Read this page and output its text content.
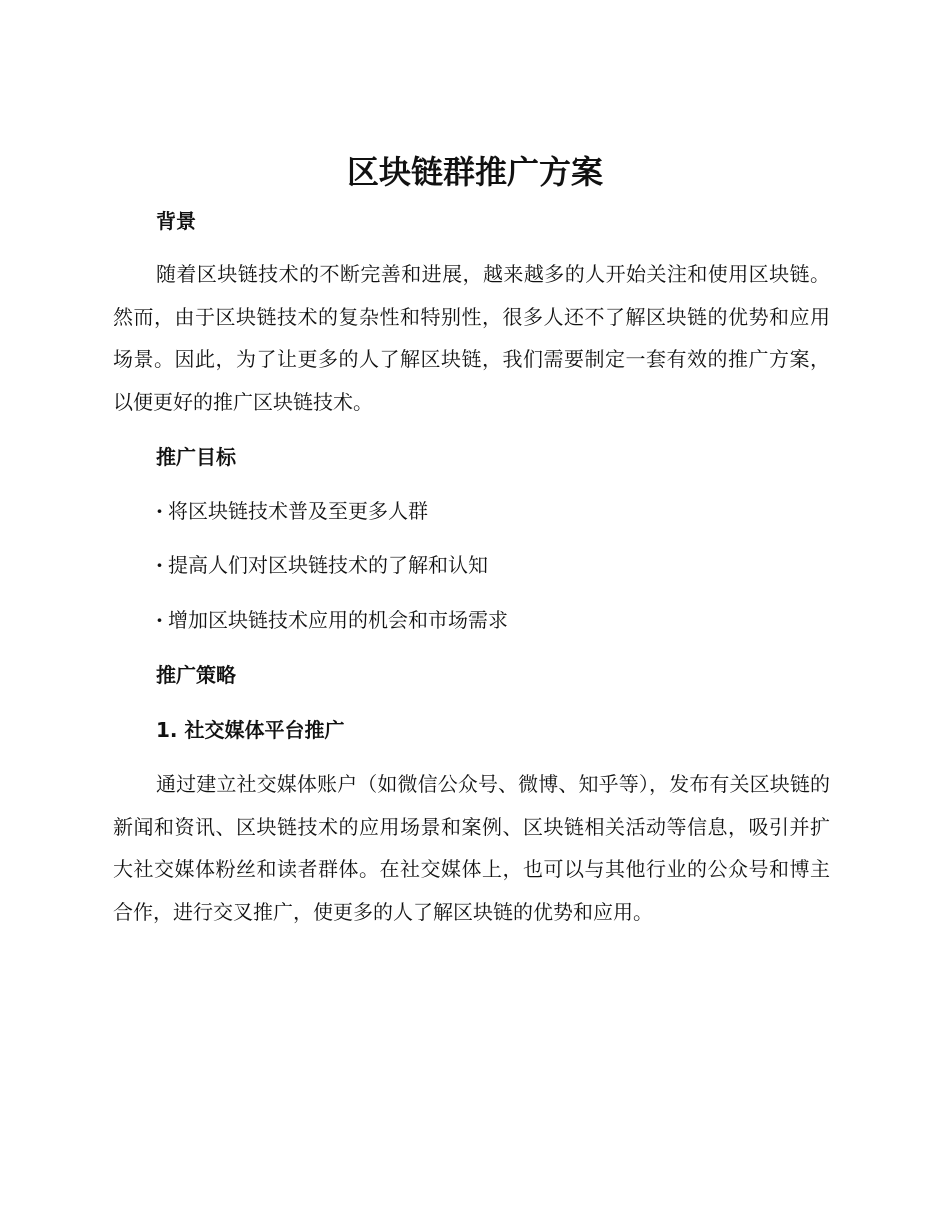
区块链群推广方案
背景

随着区块链技术的不断完善和进展，越来越多的人开始关注和使用区块链。然而，由于区块链技术的复杂性和特别性，很多人还不了解区块链的优势和应用场景。因此，为了让更多的人了解区块链，我们需要制定一套有效的推广方案，以便更好的推广区块链技术。

推广目标

· 将区块链技术普及至更多人群

· 提高人们对区块链技术的了解和认知

· 增加区块链技术应用的机会和市场需求

推广策略
1. 社交媒体平台推广

通过建立社交媒体账户（如微信公众号、微博、知乎等），发布有关区块链的新闻和资讯、区块链技术的应用场景和案例、区块链相关活动等信息，吸引并扩大社交媒体粉丝和读者群体。在社交媒体上，也可以与其他行业的公众号和博主合作，进行交叉推广，使更多的人了解区块链的优势和应用。
